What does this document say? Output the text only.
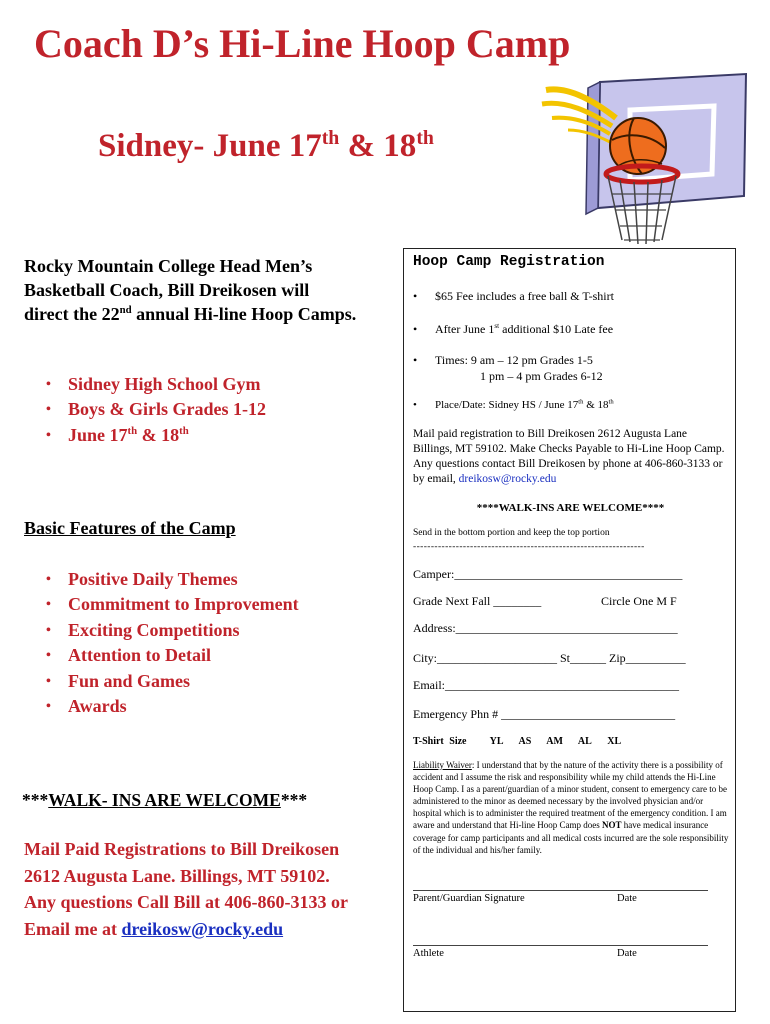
Coach D’s Hi-Line Hoop Camp
Sidney- June 17th & 18th
Rocky Mountain College Head Men’s
Basketball Coach, Bill Dreikosen will
direct the 22nd annual Hi-line Hoop Camps.
• Sidney High School Gym
• Boys & Girls Grades 1-12
• June 17th & 18th
Basic Features of the Camp
• Positive Daily Themes
• Commitment to Improvement
• Exciting Competitions
• Attention to Detail
• Fun and Games
• Awards
***WALK- INS ARE WELCOME***
Mail Paid Registrations to Bill Dreikosen
2612 Augusta Lane. Billings, MT 59102.
Any questions Call Bill at 406-860-3133 or
Email me at dreikosw@rocky.edu
Hoop Camp Registration
• $65 Fee includes a free ball & T-shirt
• After June 1st additional $10 Late fee
• Times: 9 am – 12 pm Grades 1-5
1 pm – 4 pm Grades 6-12
• Place/Date: Sidney HS / June 17th & 18th
Mail paid registration to Bill Dreikosen 2612 Augusta Lane Billings, MT 59102. Make Checks Payable to Hi-Line Hoop Camp. Any questions contact Bill Dreikosen by phone at 406-860-3133 or by email, dreikosw@rocky.edu
****WALK-INS ARE WELCOME****
Send in the bottom portion and keep the top portion
-----------------------------------------------------------------
Camper:______________________________________
Grade Next Fall ________	Circle One M F
Address:_____________________________________
City:____________________ St______ Zip__________
Email:_______________________________________
Emergency Phn # _____________________________
T-Shirt Size YL AS AM AL XL
Liability Waiver: I understand that by the nature of the activity there is a possibility of accident and I assume the risk and responsibility while my child attends the Hi-Line Hoop Camp. I as a parent/guardian of a minor student, consent to emergency care to be administered to the minor as deemed necessary by the involved physician and/or hospital which is to administer the required treatment of the emergency condition. I am aware and understand that Hi-line Hoop Camp does NOT have medical insurance coverage for camp participants and all medical costs incurred are the sole responsibility of the individual and his/her family.
Parent/Guardian Signature	Date
Athlete	Date
